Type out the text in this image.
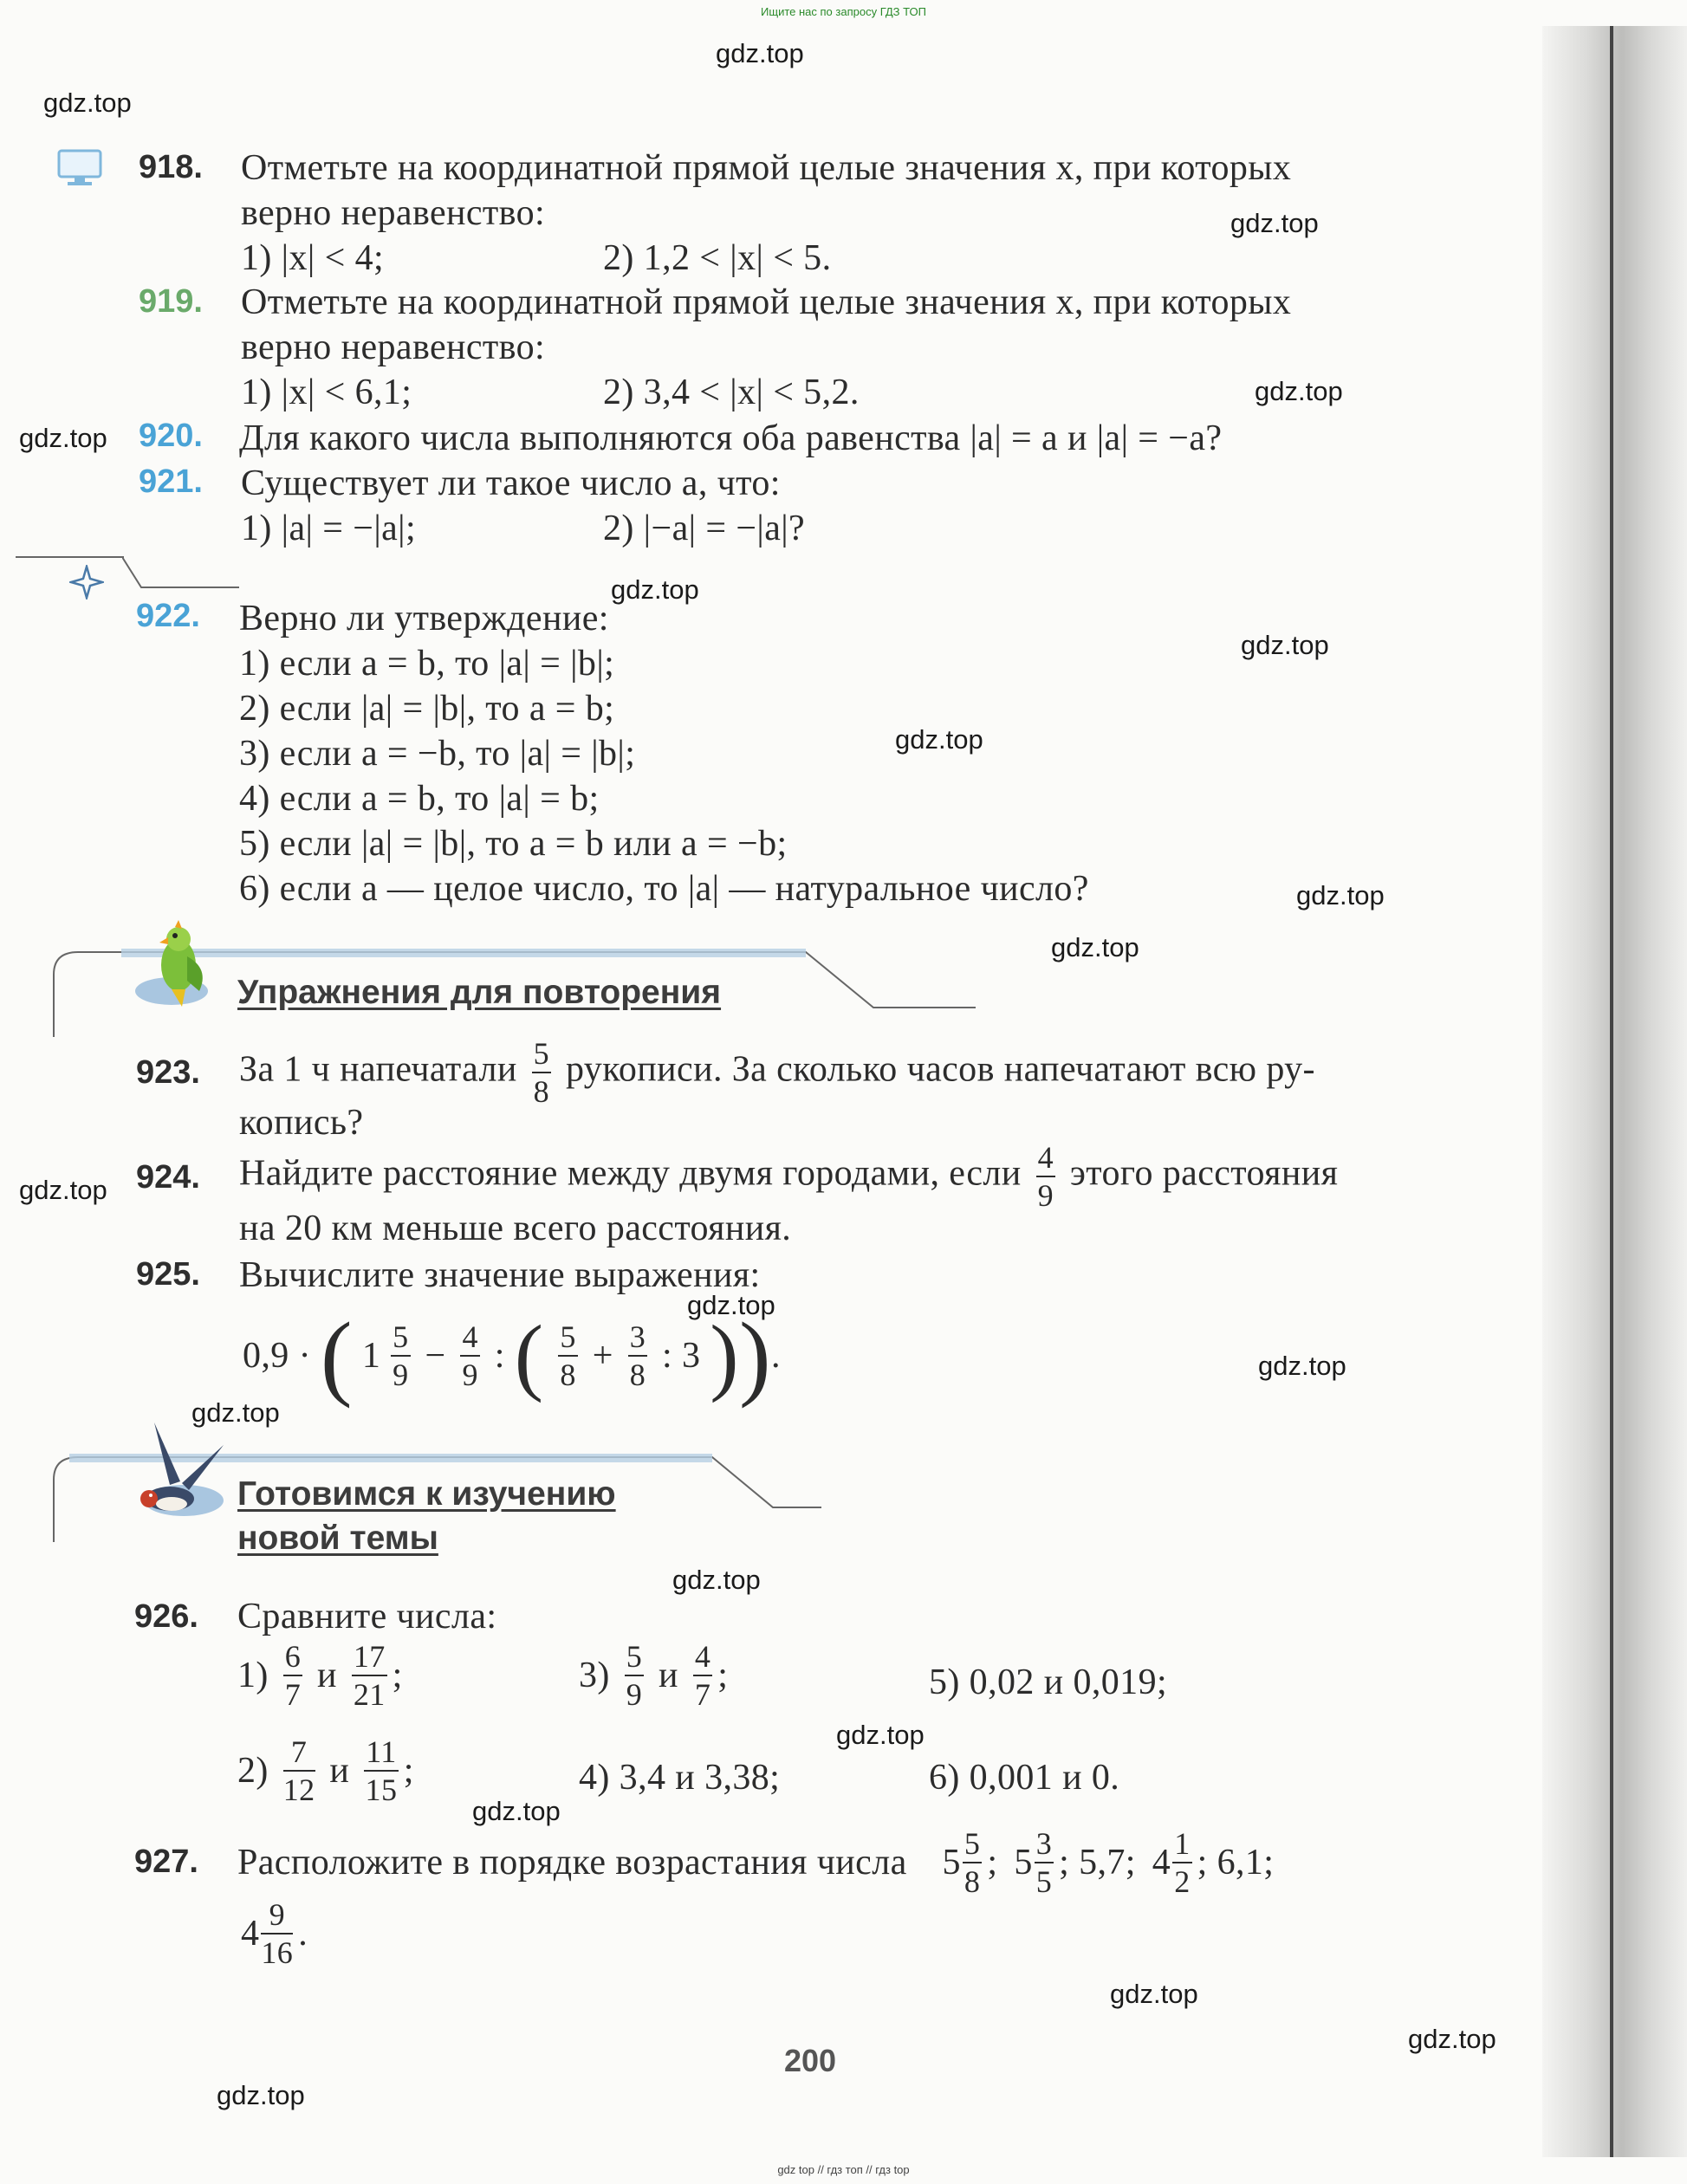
Ищите нас по запросу ГДЗ ТОП
gdz.top
gdz.top
gdz.top
gdz.top
gdz.top
gdz.top
gdz.top
gdz.top
gdz.top
gdz.top
gdz.top
gdz.top
gdz.top
gdz.top
gdz.top
gdz.top
gdz.top
gdz.top
gdz.top
gdz.top
918. Отметьте на координатной прямой целые значения x, при которых
верно неравенство:
1) |x| < 4;	2) 1,2 < |x| < 5.
919. Отметьте на координатной прямой целые значения x, при которых
верно неравенство:
1) |x| < 6,1;	2) 3,4 < |x| < 5,2.
920. Для какого числа выполняются оба равенства |a| = a и |a| = −a?
921. Существует ли такое число a, что:
1) |a| = −|a|;	2) |−a| = −|a|?
922. Верно ли утверждение:
1) если a = b, то |a| = |b|;
2) если |a| = |b|, то a = b;
3) если a = −b, то |a| = |b|;
4) если a = b, то |a| = b;
5) если |a| = |b|, то a = b или a = −b;
6) если a — целое число, то |a| — натуральное число?
Упражнения для повторения
923. За 1 ч напечатали $\frac{5}{8}$ рукописи. За сколько часов напечатают всю ру-
копись?
924. Найдите расстояние между двумя городами, если $\frac{4}{9}$ этого расстояния
на 20 км меньше всего расстояния.
925. Вычислите значение выражения:
0,9 · ( $1 \frac{5}{9} - \frac{4}{9}$ : ( $\frac{5}{8} + \frac{3}{8}$ : 3 )).
Готовимся к изучению
новой темы
926. Сравните числа:
$1) \frac{6}{7}$ и $\frac{17}{21}$ ;	$3) \frac{5}{9}$ и $\frac{4}{7}$ ;	5) 0,02 и 0,019;
$2) \frac{7}{12}$ и $\frac{11}{15}$ ;	4) 3,4 и 3,38;	6) 0,001 и 0.
927. Расположите в порядке возрастания числа $5 \frac{5}{8}$ ; $5 \frac{3}{5}$ ; 5,7; $4 \frac{1}{2}$ ; 6,1;
$4 \frac{9}{16}$ .
200
gdz top // гдз топ // гдз top
